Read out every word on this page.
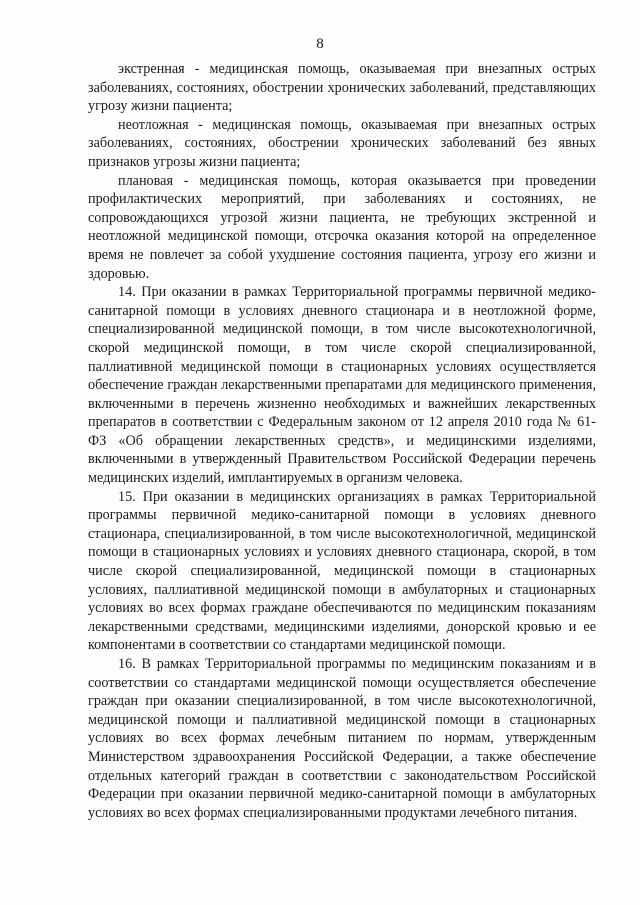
8

экстренная - медицинская помощь, оказываемая при внезапных острых заболеваниях, состояниях, обострении хронических заболеваний, представляющих угрозу жизни пациента;

неотложная - медицинская помощь, оказываемая при внезапных острых заболеваниях, состояниях, обострении хронических заболеваний без явных признаков угрозы жизни пациента;

плановая - медицинская помощь, которая оказывается при проведении профилактических мероприятий, при заболеваниях и состояниях, не сопровождающихся угрозой жизни пациента, не требующих экстренной и неотложной медицинской помощи, отсрочка оказания которой на определенное время не повлечет за собой ухудшение состояния пациента, угрозу его жизни и здоровью.

14. При оказании в рамках Территориальной программы первичной медико-санитарной помощи в условиях дневного стационара и в неотложной форме, специализированной медицинской помощи, в том числе высокотехнологичной, скорой медицинской помощи, в том числе скорой специализированной, паллиативной медицинской помощи в стационарных условиях осуществляется обеспечение граждан лекарственными препаратами для медицинского применения, включенными в перечень жизненно необходимых и важнейших лекарственных препаратов в соответствии с Федеральным законом от 12 апреля 2010 года № 61-ФЗ «Об обращении лекарственных средств», и медицинскими изделиями, включенными в утвержденный Правительством Российской Федерации перечень медицинских изделий, имплантируемых в организм человека.

15. При оказании в медицинских организациях в рамках Территориальной программы первичной медико-санитарной помощи в условиях дневного стационара, специализированной, в том числе высокотехнологичной, медицинской помощи в стационарных условиях и условиях дневного стационара, скорой, в том числе скорой специализированной, медицинской помощи в стационарных условиях, паллиативной медицинской помощи в амбулаторных и стационарных условиях во всех формах граждане обеспечиваются по медицинским показаниям лекарственными средствами, медицинскими изделиями, донорской кровью и ее компонентами в соответствии со стандартами медицинской помощи.

16. В рамках Территориальной программы по медицинским показаниям и в соответствии со стандартами медицинской помощи осуществляется обеспечение граждан при оказании специализированной, в том числе высокотехнологичной, медицинской помощи и паллиативной медицинской помощи в стационарных условиях во всех формах лечебным питанием по нормам, утвержденным Министерством здравоохранения Российской Федерации, а также обеспечение отдельных категорий граждан в соответствии с законодательством Российской Федерации при оказании первичной медико-санитарной помощи в амбулаторных условиях во всех формах специализированными продуктами лечебного питания.
